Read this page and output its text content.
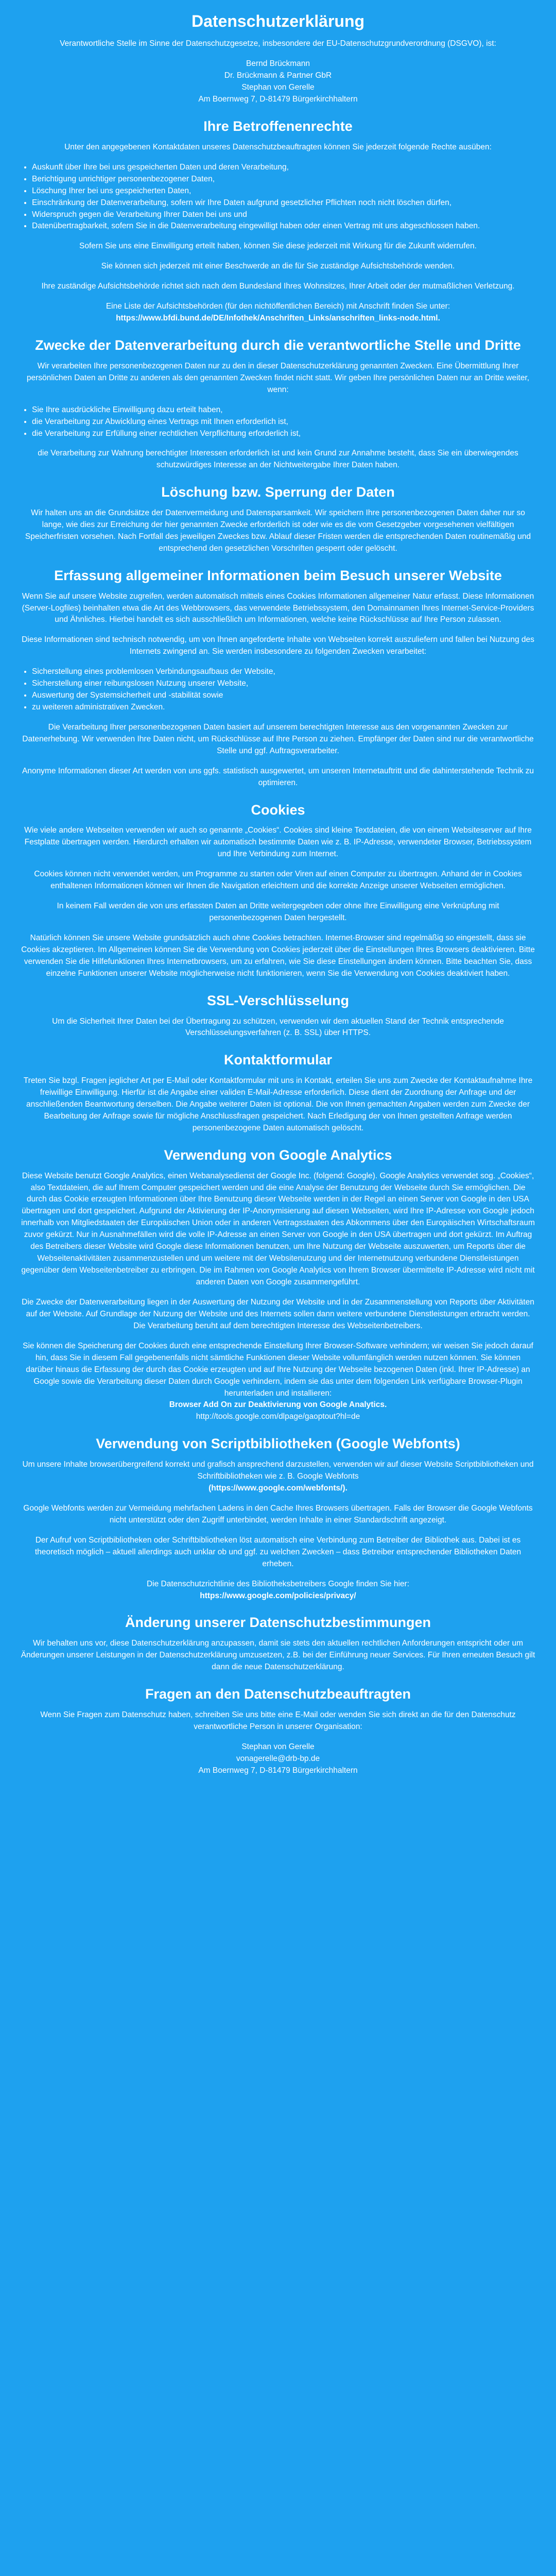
Datenschutzerklärung

Verantwortliche Stelle im Sinne der Datenschutzgesetze, insbesondere der EU-Datenschutzgrundverordnung (DSGVO), ist:

Bernd Brückmann

Dr. Brückmann & Partner GbR

Stephan von Gerelle

Am Boernweg 7, D-81479 Bürgerkirchhaltern

Ihre Betroffenenrechte

Unter den angegebenen Kontaktdaten unseres Datenschutzbeauftragten können Sie jederzeit folgende Rechte ausüben:

• Auskunft über Ihre bei uns gespeicherten Daten und deren Verarbeitung,
• Berichtigung unrichtiger personenbezogener Daten,
• Löschung Ihrer bei uns gespeicherten Daten,
• Einschränkung der Datenverarbeitung, sofern wir Ihre Daten aufgrund gesetzlicher Pflichten noch nicht löschen dürfen,
• Widerspruch gegen die Verarbeitung Ihrer Daten bei uns und
• Datenübertragbarkeit, sofern Sie in die Datenverarbeitung eingewilligt haben oder einen Vertrag mit uns abgeschlossen haben.

Sofern Sie uns eine Einwilligung erteilt haben, können Sie diese jederzeit mit Wirkung für die Zukunft widerrufen.

Sie können sich jederzeit mit einer Beschwerde an die für Sie zuständige Aufsichtsbehörde wenden.

Ihre zuständige Aufsichtsbehörde richtet sich nach dem Bundesland Ihres Wohnsitzes, Ihrer Arbeit oder der mutmaßlichen Verletzung.

Eine Liste der Aufsichtsbehörden (für den nichtöffentlichen Bereich) mit Anschrift finden Sie unter:
https://www.bfdi.bund.de/DE/Infothek/Anschriften_Links/anschriften_links-node.html.

Zwecke der Datenverarbeitung durch die verantwortliche Stelle und Dritte

Wir verarbeiten Ihre personenbezogenen Daten nur zu den in dieser Datenschutzerklärung genannten Zwecken. Eine Übermittlung Ihrer persönlichen Daten an Dritte zu anderen als den genannten Zwecken findet nicht statt. Wir geben Ihre persönlichen Daten nur an Dritte weiter, wenn:

• Sie Ihre ausdrückliche Einwilligung dazu erteilt haben,
• die Verarbeitung zur Abwicklung eines Vertrags mit Ihnen erforderlich ist,
• die Verarbeitung zur Erfüllung einer rechtlichen Verpflichtung erforderlich ist,

die Verarbeitung zur Wahrung berechtigter Interessen erforderlich ist und kein Grund zur Annahme besteht, dass Sie ein überwiegendes schutzwürdiges Interesse an der Nichtweitergabe Ihrer Daten haben.

Löschung bzw. Sperrung der Daten

Wir halten uns an die Grundsätze der Datenvermeidung und Datensparsamkeit. Wir speichern Ihre personenbezogenen Daten daher nur so lange, wie dies zur Erreichung der hier genannten Zwecke erforderlich ist oder wie es die vom Gesetzgeber vorgesehenen vielfältigen Speicherfristen vorsehen. Nach Fortfall des jeweiligen Zweckes bzw. Ablauf dieser Fristen werden die entsprechenden Daten routinemäßig und entsprechend den gesetzlichen Vorschriften gesperrt oder gelöscht.

Erfassung allgemeiner Informationen beim Besuch unserer Website

Wenn Sie auf unsere Website zugreifen, werden automatisch mittels eines Cookies Informationen allgemeiner Natur erfasst. Diese Informationen (Server-Logfiles) beinhalten etwa die Art des Webbrowsers, das verwendete Betriebssystem, den Domainnamen Ihres Internet-Service-Providers und Ähnliches. Hierbei handelt es sich ausschließlich um Informationen, welche keine Rückschlüsse auf Ihre Person zulassen.

Diese Informationen sind technisch notwendig, um von Ihnen angeforderte Inhalte von Webseiten korrekt auszuliefern und fallen bei Nutzung des Internets zwingend an. Sie werden insbesondere zu folgenden Zwecken verarbeitet:

• Sicherstellung eines problemlosen Verbindungsaufbaus der Website,
• Sicherstellung einer reibungslosen Nutzung unserer Website,
• Auswertung der Systemsicherheit und -stabilität sowie
• zu weiteren administrativen Zwecken.

Die Verarbeitung Ihrer personenbezogenen Daten basiert auf unserem berechtigten Interesse aus den vorgenannten Zwecken zur Datenerhebung. Wir verwenden Ihre Daten nicht, um Rückschlüsse auf Ihre Person zu ziehen. Empfänger der Daten sind nur die verantwortliche Stelle und ggf. Auftragsverarbeiter.

Anonyme Informationen dieser Art werden von uns ggfs. statistisch ausgewertet, um unseren Internetauftritt und die dahinterstehende Technik zu optimieren.

Cookies

Wie viele andere Webseiten verwenden wir auch so genannte „Cookies“. Cookies sind kleine Textdateien, die von einem Websiteserver auf Ihre Festplatte übertragen werden. Hierdurch erhalten wir automatisch bestimmte Daten wie z. B. IP-Adresse, verwendeter Browser, Betriebssystem und Ihre Verbindung zum Internet.

Cookies können nicht verwendet werden, um Programme zu starten oder Viren auf einen Computer zu übertragen. Anhand der in Cookies enthaltenen Informationen können wir Ihnen die Navigation erleichtern und die korrekte Anzeige unserer Webseiten ermöglichen.

In keinem Fall werden die von uns erfassten Daten an Dritte weitergegeben oder ohne Ihre Einwilligung eine Verknüpfung mit personenbezogenen Daten hergestellt.

Natürlich können Sie unsere Website grundsätzlich auch ohne Cookies betrachten. Internet-Browser sind regelmäßig so eingestellt, dass sie Cookies akzeptieren. Im Allgemeinen können Sie die Verwendung von Cookies jederzeit über die Einstellungen Ihres Browsers deaktivieren. Bitte verwenden Sie die Hilfefunktionen Ihres Internetbrowsers, um zu erfahren, wie Sie diese Einstellungen ändern können. Bitte beachten Sie, dass einzelne Funktionen unserer Website möglicherweise nicht funktionieren, wenn Sie die Verwendung von Cookies deaktiviert haben.

SSL-Verschlüsselung

Um die Sicherheit Ihrer Daten bei der Übertragung zu schützen, verwenden wir dem aktuellen Stand der Technik entsprechende Verschlüsselungsverfahren (z. B. SSL) über HTTPS.

Kontaktformular

Treten Sie bzgl. Fragen jeglicher Art per E-Mail oder Kontaktformular mit uns in Kontakt, erteilen Sie uns zum Zwecke der Kontaktaufnahme Ihre freiwillige Einwilligung. Hierfür ist die Angabe einer validen E-Mail-Adresse erforderlich. Diese dient der Zuordnung der Anfrage und der anschließenden Beantwortung derselben. Die Angabe weiterer Daten ist optional. Die von Ihnen gemachten Angaben werden zum Zwecke der Bearbeitung der Anfrage sowie für mögliche Anschlussfragen gespeichert. Nach Erledigung der von Ihnen gestellten Anfrage werden personenbezogene Daten automatisch gelöscht.

Verwendung von Google Analytics

Diese Website benutzt Google Analytics, einen Webanalysedienst der Google Inc. (folgend: Google). Google Analytics verwendet sog. „Cookies“, also Textdateien, die auf Ihrem Computer gespeichert werden und die eine Analyse der Benutzung der Webseite durch Sie ermöglichen. Die durch das Cookie erzeugten Informationen über Ihre Benutzung dieser Webseite werden in der Regel an einen Server von Google in den USA übertragen und dort gespeichert. Aufgrund der Aktivierung der IP-Anonymisierung auf diesen Webseiten, wird Ihre IP-Adresse von Google jedoch innerhalb von Mitgliedstaaten der Europäischen Union oder in anderen Vertragsstaaten des Abkommens über den Europäischen Wirtschaftsraum zuvor gekürzt. Nur in Ausnahmefällen wird die volle IP-Adresse an einen Server von Google in den USA übertragen und dort gekürzt. Im Auftrag des Betreibers dieser Website wird Google diese Informationen benutzen, um Ihre Nutzung der Webseite auszuwerten, um Reports über die Webseitenaktivitäten zusammenzustellen und um weitere mit der Websitenutzung und der Internetnutzung verbundene Dienstleistungen gegenüber dem Webseitenbetreiber zu erbringen. Die im Rahmen von Google Analytics von Ihrem Browser übermittelte IP-Adresse wird nicht mit anderen Daten von Google zusammengeführt.

Die Zwecke der Datenverarbeitung liegen in der Auswertung der Nutzung der Website und in der Zusammenstellung von Reports über Aktivitäten auf der Website. Auf Grundlage der Nutzung der Website und des Internets sollen dann weitere verbundene Dienstleistungen erbracht werden. Die Verarbeitung beruht auf dem berechtigten Interesse des Webseitenbetreibers.

Sie können die Speicherung der Cookies durch eine entsprechende Einstellung Ihrer Browser-Software verhindern; wir weisen Sie jedoch darauf hin, dass Sie in diesem Fall gegebenenfalls nicht sämtliche Funktionen dieser Website vollumfänglich werden nutzen können. Sie können darüber hinaus die Erfassung der durch das Cookie erzeugten und auf Ihre Nutzung der Webseite bezogenen Daten (inkl. Ihrer IP-Adresse) an Google sowie die Verarbeitung dieser Daten durch Google verhindern, indem sie das unter dem folgenden Link verfügbare Browser-Plugin herunterladen und installieren:
Browser Add On zur Deaktivierung von Google Analytics.
http://tools.google.com/dlpage/gaoptout?hl=de

Verwendung von Scriptbibliotheken (Google Webfonts)

Um unsere Inhalte browserübergreifend korrekt und grafisch ansprechend darzustellen, verwenden wir auf dieser Website Scriptbibliotheken und Schriftbibliotheken wie z. B. Google Webfonts
(https://www.google.com/webfonts/).

Google Webfonts werden zur Vermeidung mehrfachen Ladens in den Cache Ihres Browsers übertragen. Falls der Browser die Google Webfonts nicht unterstützt oder den Zugriff unterbindet, werden Inhalte in einer Standardschrift angezeigt.

Der Aufruf von Scriptbibliotheken oder Schriftbibliotheken löst automatisch eine Verbindung zum Betreiber der Bibliothek aus. Dabei ist es theoretisch möglich – aktuell allerdings auch unklar ob und ggf. zu welchen Zwecken – dass Betreiber entsprechender Bibliotheken Daten erheben.

Die Datenschutzrichtlinie des Bibliotheksbetreibers Google finden Sie hier:
https://www.google.com/policies/privacy/

Änderung unserer Datenschutzbestimmungen

Wir behalten uns vor, diese Datenschutzerklärung anzupassen, damit sie stets den aktuellen rechtlichen Anforderungen entspricht oder um Änderungen unserer Leistungen in der Datenschutzerklärung umzusetzen, z.B. bei der Einführung neuer Services. Für Ihren erneuten Besuch gilt dann die neue Datenschutzerklärung.

Fragen an den Datenschutzbeauftragten

Wenn Sie Fragen zum Datenschutz haben, schreiben Sie uns bitte eine E-Mail oder wenden Sie sich direkt an die für den Datenschutz verantwortliche Person in unserer Organisation:

Stephan von Gerelle

vonagerelle@drb-bp.de

Am Boernweg 7, D-81479 Bürgerkirchhaltern
